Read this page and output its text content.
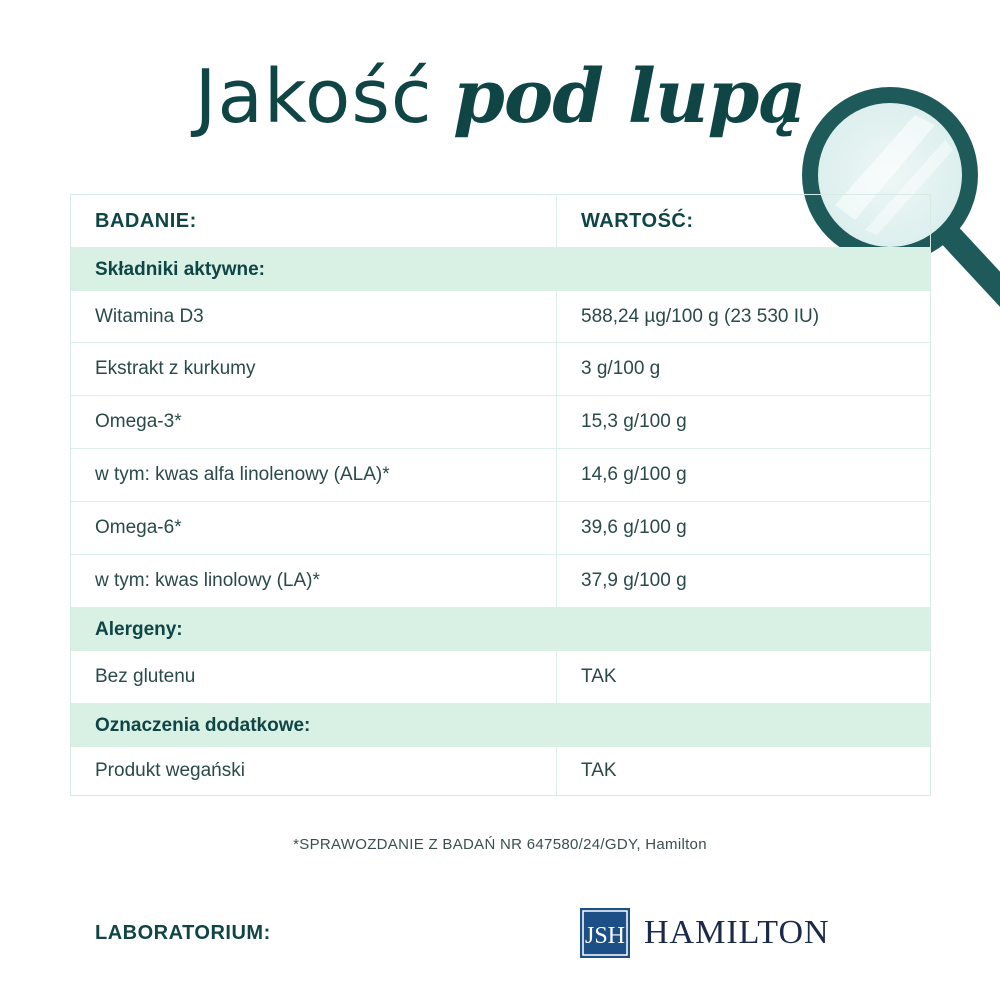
Jakość pod lupą
BADANIE:	WARTOŚĆ:
Składniki aktywne:
Witamina D3	588,24 µg/100 g (23 530 IU)
Ekstrakt z kurkumy	3 g/100 g
Omega-3*	15,3 g/100 g
w tym: kwas alfa linolenowy (ALA)*	14,6 g/100 g
Omega-6*	39,6 g/100 g
w tym: kwas linolowy (LA)*	37,9 g/100 g
Alergeny:
Bez glutenu	TAK
Oznaczenia dodatkowe:
Produkt wegański	TAK
*SPRAWOZDANIE Z BADAŃ NR 647580/24/GDY, Hamilton
LABORATORIUM:	JSH HAMILTON
